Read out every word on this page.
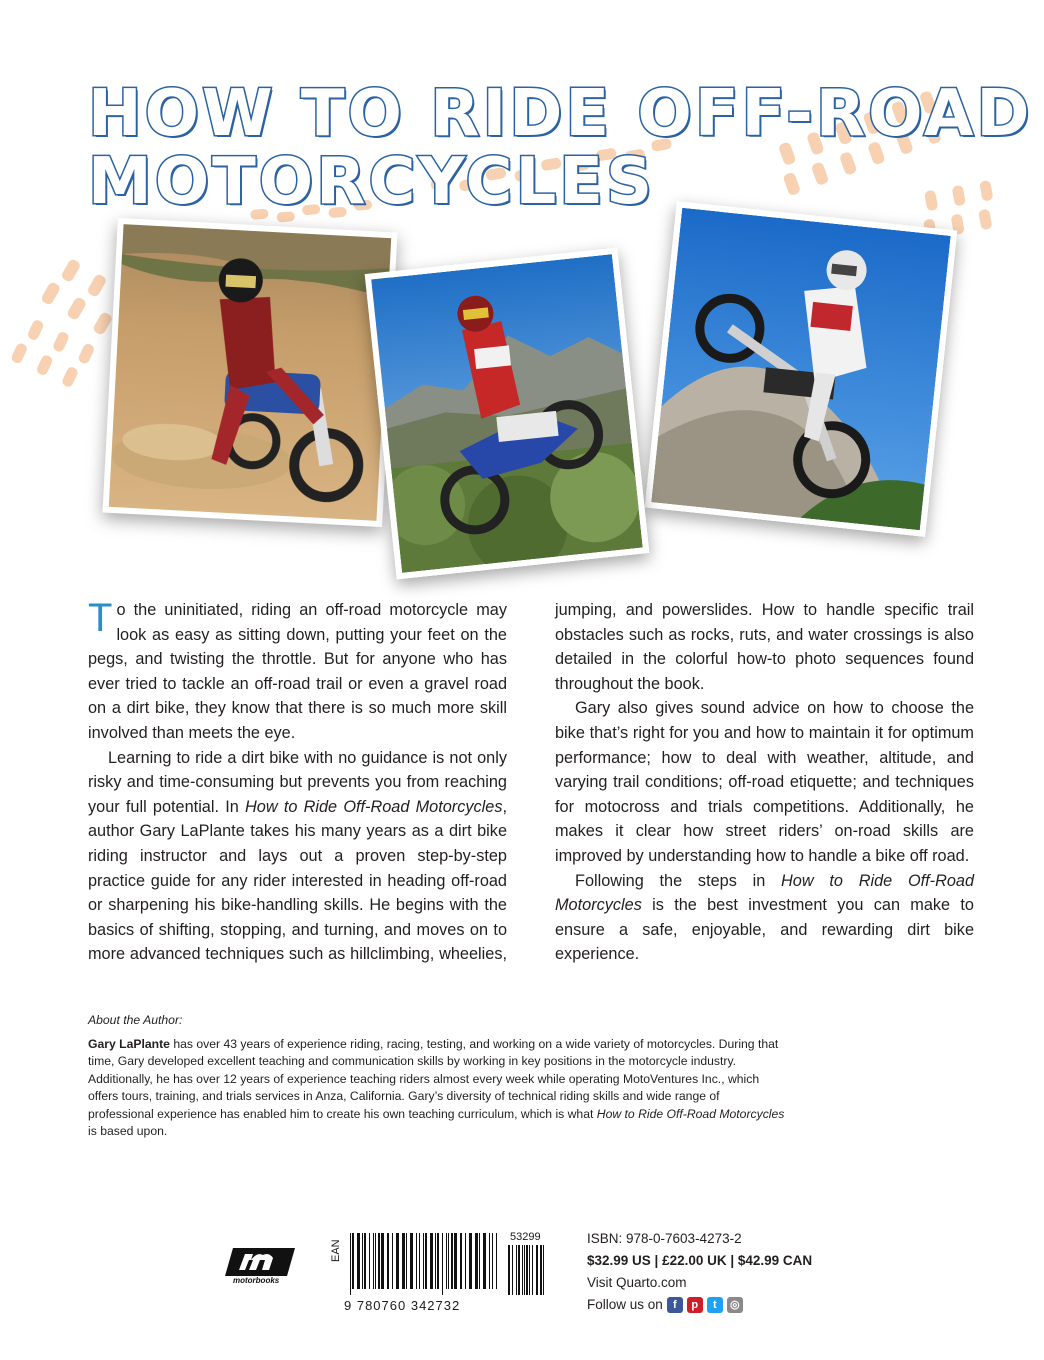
HOW TO RIDE OFF-ROAD
MOTORCYCLES

To the uninitiated, riding an off-road motorcycle may look as easy as sitting down, putting your feet on the pegs, and twisting the throttle. But for anyone who has ever tried to tackle an off-road trail or even a gravel road on a dirt bike, they know that there is so much more skill involved than meets the eye.

Learning to ride a dirt bike with no guidance is not only risky and time-consuming but prevents you from reaching your full potential. In How to Ride Off-Road Motorcycles, author Gary LaPlante takes his many years as a dirt bike riding instructor and lays out a proven step-by-step practice guide for any rider interested in heading off-road or sharpening his bike-handling skills. He begins with the basics of shifting, stopping, and turning, and moves on to more advanced techniques such as hillclimbing, wheelies, jumping, and powerslides. How to handle specific trail obstacles such as rocks, ruts, and water crossings is also detailed in the colorful how-to photo sequences found throughout the book.

Gary also gives sound advice on how to choose the bike that’s right for you and how to maintain it for optimum performance; how to deal with weather, altitude, and varying trail conditions; off-road etiquette; and techniques for motocross and trials competitions. Additionally, he makes it clear how street riders’ on-road skills are improved by understanding how to handle a bike off road.

Following the steps in How to Ride Off-Road Motorcycles is the best investment you can make to ensure a safe, enjoyable, and rewarding dirt bike experience.

About the Author:
Gary LaPlante has over 43 years of experience riding, racing, testing, and working on a wide variety of motorcycles. During that time, Gary developed excellent teaching and communication skills by working in key positions in the motorcycle industry. Additionally, he has over 12 years of experience teaching riders almost every week while operating MotoVentures Inc., which offers tours, training, and trials services in Anza, California. Gary’s diversity of technical riding skills and wide range of professional experience has enabled him to create his own teaching curriculum, which is what How to Ride Off-Road Motorcycles is based upon.
motorbooks
EAN
53299
9 780760 342732
ISBN: 978-0-7603-4273-2
$32.99 US | £22.00 UK | $42.99 CAN
Visit Quarto.com
Follow us on f	p	t	◎
